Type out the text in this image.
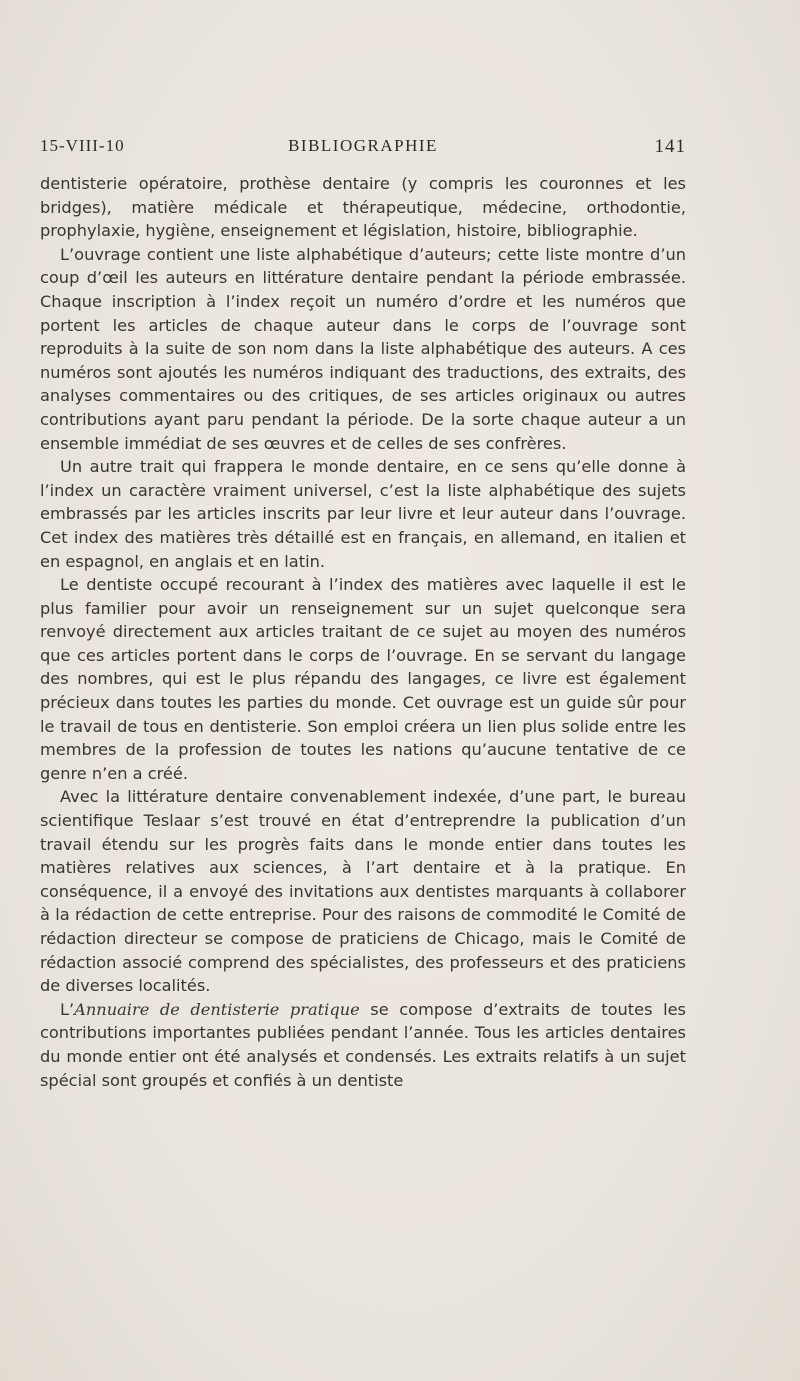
15-VIII-10	BIBLIOGRAPHIE	141

dentisterie opératoire, prothèse dentaire (y compris les couronnes et les bridges), matière médicale et thérapeutique, médecine, orthodontie, prophylaxie, hygiène, enseignement et législation, histoire, bibliographie.

L’ouvrage contient une liste alphabétique d’auteurs; cette liste montre d’un coup d’œil les auteurs en littérature dentaire pendant la période embrassée. Chaque inscription à l’index reçoit un numéro d’ordre et les numéros que portent les articles de chaque auteur dans le corps de l’ouvrage sont reproduits à la suite de son nom dans la liste alphabétique des auteurs. A ces numéros sont ajoutés les numéros indiquant des traductions, des extraits, des analyses commentaires ou des critiques, de ses articles originaux ou autres contributions ayant paru pendant la période. De la sorte chaque auteur a un ensemble immédiat de ses œuvres et de celles de ses confrères.

Un autre trait qui frappera le monde dentaire, en ce sens qu’elle donne à l’index un caractère vraiment universel, c’est la liste alphabétique des sujets embrassés par les articles inscrits par leur livre et leur auteur dans l’ouvrage. Cet index des matières très détaillé est en français, en allemand, en italien et en espagnol, en anglais et en latin.

Le dentiste occupé recourant à l’index des matières avec laquelle il est le plus familier pour avoir un renseignement sur un sujet quelconque sera renvoyé directement aux articles traitant de ce sujet au moyen des numéros que ces articles portent dans le corps de l’ouvrage. En se servant du langage des nombres, qui est le plus répandu des langages, ce livre est également précieux dans toutes les parties du monde. Cet ouvrage est un guide sûr pour le travail de tous en dentisterie. Son emploi créera un lien plus solide entre les membres de la profession de toutes les nations qu’aucune tentative de ce genre n’en a créé.

Avec la littérature dentaire convenablement indexée, d’une part, le bureau scientifique Teslaar s’est trouvé en état d’entreprendre la publication d’un travail étendu sur les progrès faits dans le monde entier dans toutes les matières relatives aux sciences, à l’art dentaire et à la pratique. En conséquence, il a envoyé des invitations aux dentistes marquants à collaborer à la rédaction de cette entreprise. Pour des raisons de commodité le Comité de rédaction directeur se compose de praticiens de Chicago, mais le Comité de rédaction associé comprend des spécialistes, des professeurs et des praticiens de diverses localités.

L’Annuaire de dentisterie pratique se compose d’extraits de toutes les contributions importantes publiées pendant l’année. Tous les articles dentaires du monde entier ont été analysés et condensés. Les extraits relatifs à un sujet spécial sont groupés et confiés à un dentiste
